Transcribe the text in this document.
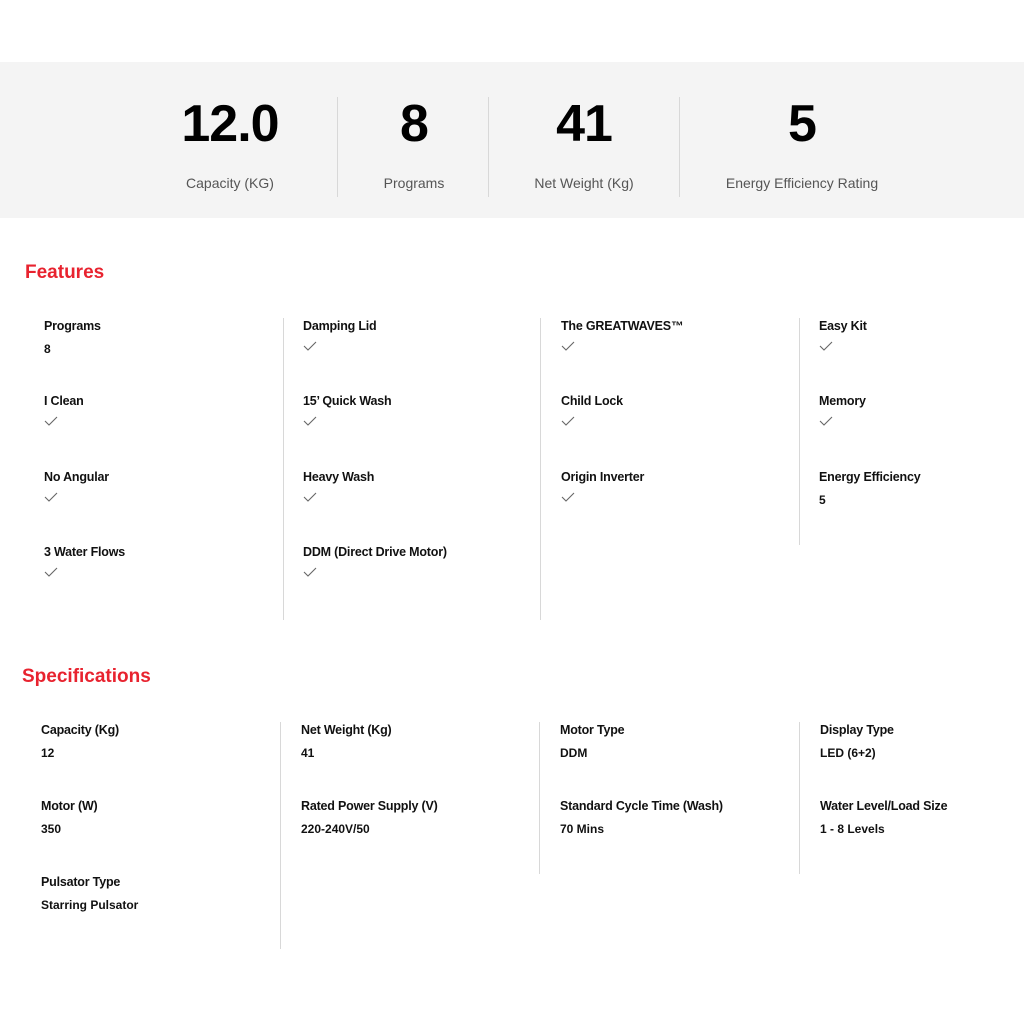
12.0
Capacity (KG)
8
Programs
41
Net Weight (Kg)
5
Energy Efficiency Rating
Features
Programs
8
I Clean
No Angular
3 Water Flows
Damping Lid
15’ Quick Wash
Heavy Wash
DDM (Direct Drive Motor)
The GREATWAVES™
Child Lock
Origin Inverter
Easy Kit
Memory
Energy Efficiency
5
Specifications
Capacity (Kg)
12
Motor (W)
350
Pulsator Type
Starring Pulsator
Net Weight (Kg)
41
Rated Power Supply (V)
220-240V/50
Motor Type
DDM
Standard Cycle Time (Wash)
70 Mins
Display Type
LED (6+2)
Water Level/Load Size
1 - 8 Levels
